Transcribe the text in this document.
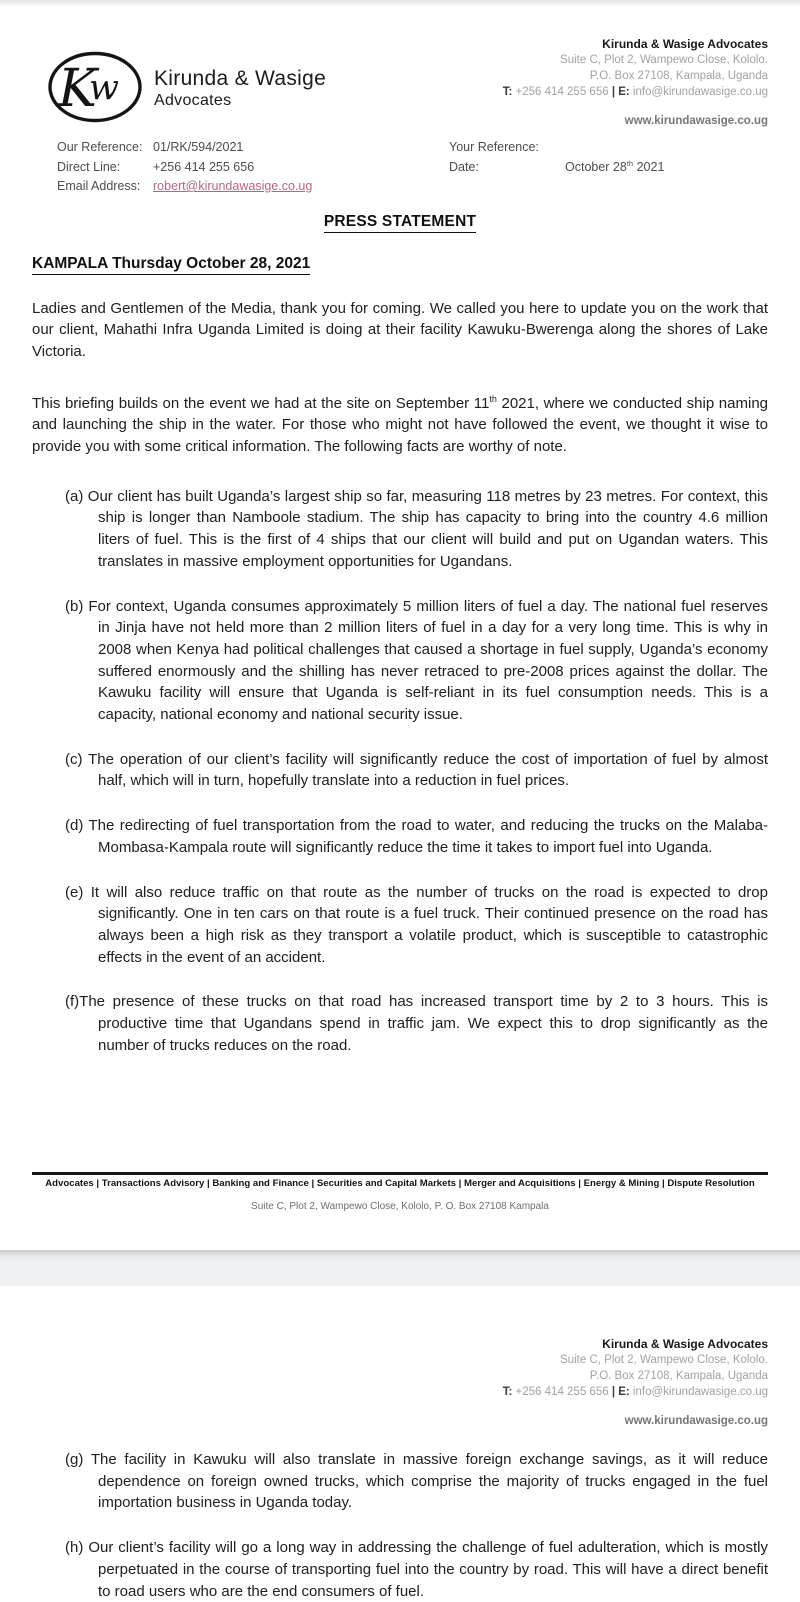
K
w Kirunda & Wasige
Advocates
Kirunda & Wasige Advocates
Suite C, Plot 2, Wampewo Close, Kololo.
P.O. Box 27108, Kampala, Uganda
T: +256 414 255 656 | E: info@kirundawasige.co.ug
www.kirundawasige.co.ug
Our Reference: 01/RK/594/2021
Direct Line:	+256 414 255 656
Email Address:	robert@kirundawasige.co.ug
Your Reference:
Date:	October 28th 2021
PRESS STATEMENT
KAMPALA Thursday October 28, 2021

Ladies and Gentlemen of the Media, thank you for coming. We called you here to update you on the work that our client, Mahathi Infra Uganda Limited is doing at their facility Kawuku-Bwerenga along the shores of Lake Victoria.

This briefing builds on the event we had at the site on September 11th 2021, where we conducted ship naming and launching the ship in the water. For those who might not have followed the event, we thought it wise to provide you with some critical information. The following facts are worthy of note.

(a) Our client has built Uganda’s largest ship so far, measuring 118 metres by 23 metres. For context, this ship is longer than Namboole stadium. The ship has capacity to bring into the country 4.6 million liters of fuel. This is the first of 4 ships that our client will build and put on Ugandan waters. This translates in massive employment opportunities for Ugandans.
(b) For context, Uganda consumes approximately 5 million liters of fuel a day. The national fuel reserves in Jinja have not held more than 2 million liters of fuel in a day for a very long time. This is why in 2008 when Kenya had political challenges that caused a shortage in fuel supply, Uganda’s economy suffered enormously and the shilling has never retraced to pre-2008 prices against the dollar. The Kawuku facility will ensure that Uganda is self-reliant in its fuel consumption needs. This is a capacity, national economy and national security issue.
(c) The operation of our client’s facility will significantly reduce the cost of importation of fuel by almost half, which will in turn, hopefully translate into a reduction in fuel prices.
(d) The redirecting of fuel transportation from the road to water, and reducing the trucks on the Malaba-Mombasa-Kampala route will significantly reduce the time it takes to import fuel into Uganda.
(e) It will also reduce traffic on that route as the number of trucks on the road is expected to drop significantly. One in ten cars on that route is a fuel truck. Their continued presence on the road has always been a high risk as they transport a volatile product, which is susceptible to catastrophic effects in the event of an accident.
(f)The presence of these trucks on that road has increased transport time by 2 to 3 hours. This is productive time that Ugandans spend in traffic jam. We expect this to drop significantly as the number of trucks reduces on the road.
Advocates | Transactions Advisory | Banking and Finance | Securities and Capital Markets | Merger and Acquisitions | Energy & Mining | Dispute Resolution
Suite C, Plot 2, Wampewo Close, Kololo, P. O. Box 27108 Kampala
Kirunda & Wasige Advocates
Suite C, Plot 2, Wampewo Close, Kololo.
P.O. Box 27108, Kampala, Uganda
T: +256 414 255 656 | E: info@kirundawasige.co.ug
www.kirundawasige.co.ug
(g) The facility in Kawuku will also translate in massive foreign exchange savings, as it will reduce dependence on foreign owned trucks, which comprise the majority of trucks engaged in the fuel importation business in Uganda today.
(h) Our client’s facility will go a long way in addressing the challenge of fuel adulteration, which is mostly perpetuated in the course of transporting fuel into the country by road. This will have a direct benefit to road users who are the end consumers of fuel.
